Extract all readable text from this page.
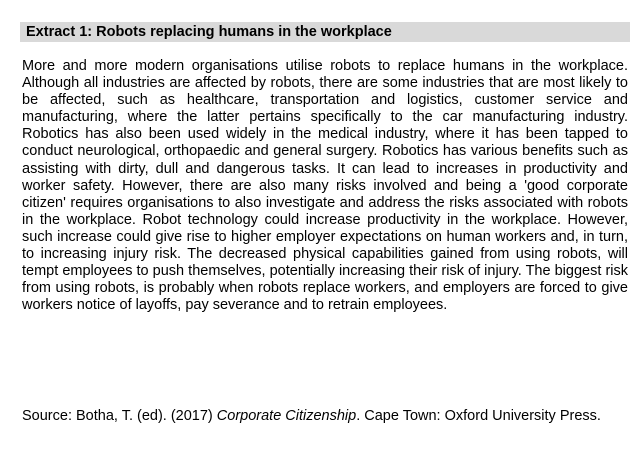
Extract 1: Robots replacing humans in the workplace

More and more modern organisations utilise robots to replace humans in the workplace. Although all industries are affected by robots, there are some industries that are most likely to be affected, such as healthcare, transportation and logistics, customer service and manufacturing, where the latter pertains specifically to the car manufacturing industry. Robotics has also been used widely in the medical industry, where it has been tapped to conduct neurological, orthopaedic and general surgery. Robotics has various benefits such as assisting with dirty, dull and dangerous tasks. It can lead to increases in productivity and worker safety. However, there are also many risks involved and being a 'good corporate citizen' requires organisations to also investigate and address the risks associated with robots in the workplace. Robot technology could increase productivity in the workplace. However, such increase could give rise to higher employer expectations on human workers and, in turn, to increasing injury risk. The decreased physical capabilities gained from using robots, will tempt employees to push themselves, potentially increasing their risk of injury. The biggest risk from using robots, is probably when robots replace workers, and employers are forced to give workers notice of layoffs, pay severance and to retrain employees.

Source: Botha, T. (ed). (2017) Corporate Citizenship. Cape Town: Oxford University Press.
